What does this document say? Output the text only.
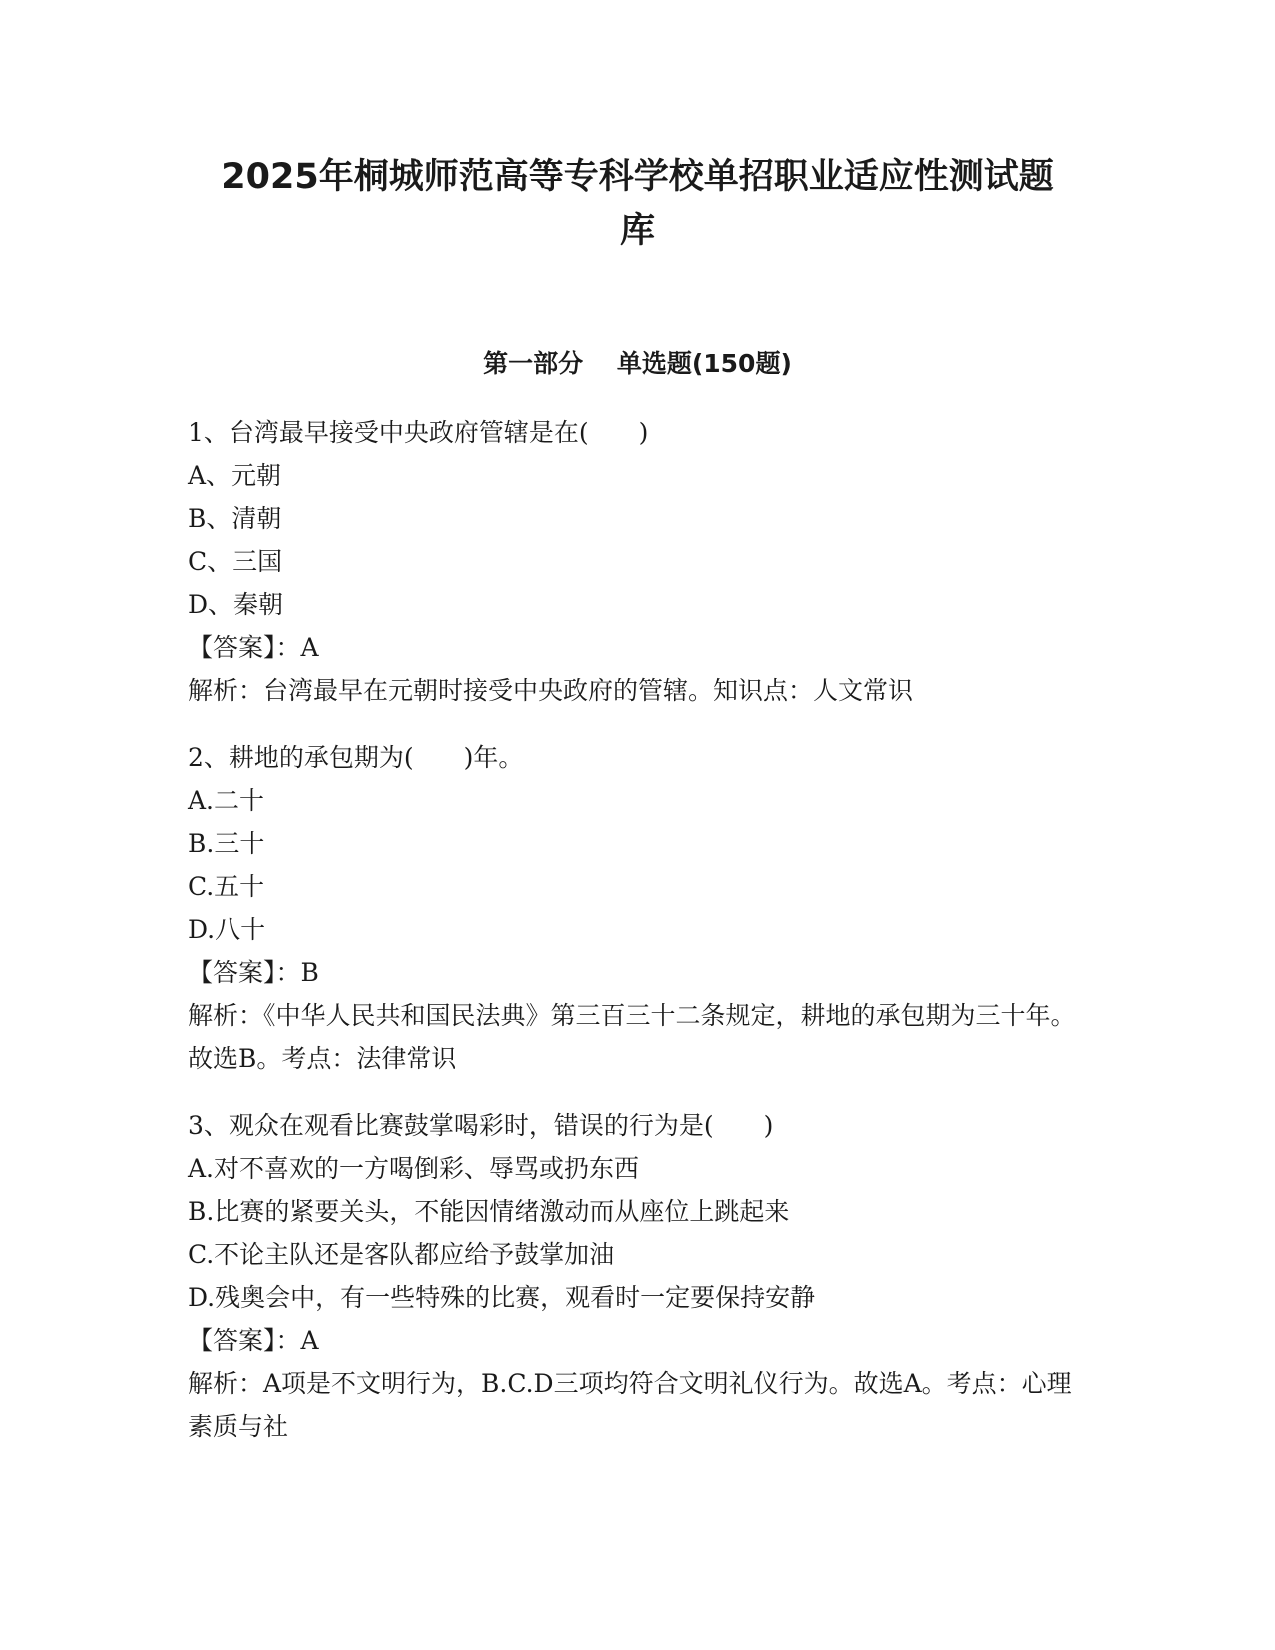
2025年桐城师范高等专科学校单招职业适应性测试题
库
第一部分　 单选题(150题)
1、台湾最早接受中央政府管辖是在(　　)
A、元朝
B、清朝
C、三国
D、秦朝
【答案】：A
解析：台湾最早在元朝时接受中央政府的管辖。知识点：人文常识
2、耕地的承包期为(　　)年。
A.二十
B.三十
C.五十
D.八十
【答案】：B
解析：《中华人民共和国民法典》第三百三十二条规定，耕地的承包期为三十年。故选B。考点：法律常识
3、观众在观看比赛鼓掌喝彩时，错误的行为是(　　)
A.对不喜欢的一方喝倒彩、辱骂或扔东西
B.比赛的紧要关头，不能因情绪激动而从座位上跳起来
C.不论主队还是客队都应给予鼓掌加油
D.残奥会中，有一些特殊的比赛，观看时一定要保持安静
【答案】：A
解析：A项是不文明行为，B.C.D三项均符合文明礼仪行为。故选A。考点：心理素质与社
